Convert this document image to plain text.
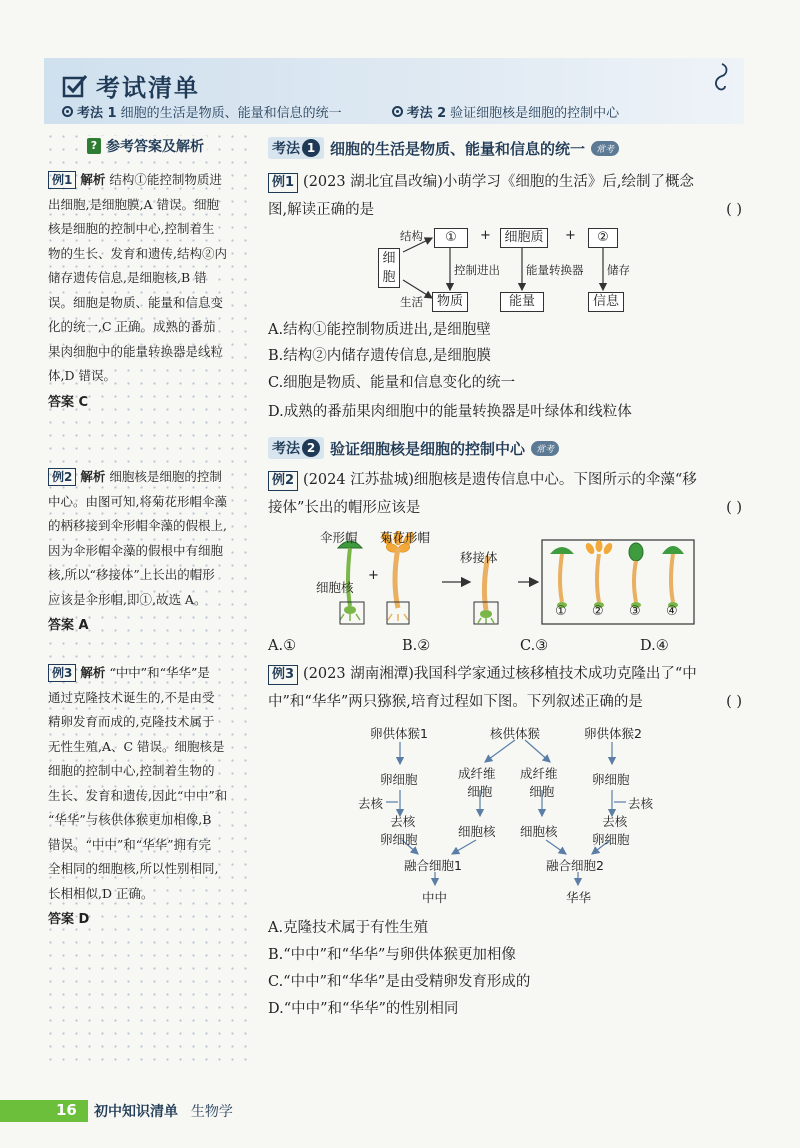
考试清单
考法 1 细胞的生活是物质、能量和信息的统一	考法 2 验证细胞核是细胞的控制中心
? 参考答案及解析
例1 解析 结构①能控制物质进
出细胞,是细胞膜,A 错误。细胞
核是细胞的控制中心,控制着生
物的生长、发育和遗传,结构②内
储存遗传信息,是细胞核,B 错
误。细胞是物质、能量和信息变
化的统一,C 正确。成熟的番茄
果肉细胞中的能量转换器是线粒
体,D 错误。
答案 C
例2 解析 细胞核是细胞的控制
中心。由图可知,将菊花形帽伞藻
的柄移接到伞形帽伞藻的假根上,
因为伞形帽伞藻的假根中有细胞
核,所以“移接体”上长出的帽形
应该是伞形帽,即①,故选 A。
答案 A
例3 解析 “中中”和“华华”是
通过克隆技术诞生的,不是由受
精卵发育而成的,克隆技术属于
无性生殖,A、C 错误。细胞核是
细胞的控制中心,控制着生物的
生长、发育和遗传,因此“中中”和
“华华”与核供体猴更加相像,B
错误。“中中”和“华华”拥有完
全相同的细胞核,所以性别相同,
长相相似,D 正确。
答案 D
考法 1 细胞的生活是物质、能量和信息的统一	常考
例1 (2023 湖北宜昌改编)小萌学习《细胞的生活》后,绘制了概念
图,解读正确的是	( )
结构	①	+	细胞质	+	②
细胞	控制进出 能量转换器 储存
生活	物质	能量	信息
A.结构①能控制物质进出,是细胞壁
B.结构②内储存遗传信息,是细胞膜
C.细胞是物质、能量和信息变化的统一
D.成熟的番茄果肉细胞中的能量转换器是叶绿体和线粒体
考法 2 验证细胞核是细胞的控制中心	常考
例2 (2024 江苏盐城)细胞核是遗传信息中心。下图所示的伞藻“移
接体”长出的帽形应该是	( )
伞形帽 菊花形帽
细胞核
+
移接体
① ② ③ ④
A.①	B.②	C.③	D.④
例3 (2023 湖南湘潭)我国科学家通过核移植技术成功克隆出了“中
中”和“华华”两只猕猴,培育过程如下图。下列叙述正确的是	( )
卵供体猴1	核供体猴	卵供体猴2
卵细胞	成纤维
细胞
成纤维
细胞
卵细胞
去核	去核
去核
卵细胞
细胞核 细胞核
去核
卵细胞
融合细胞1	融合细胞2
中中	华华
A.克隆技术属于有性生殖
B.“中中”和“华华”与卵供体猴更加相像
C.“中中”和“华华”是由受精卵发育形成的
D.“中中”和“华华”的性别相同
16 初中知识清单 生物学
